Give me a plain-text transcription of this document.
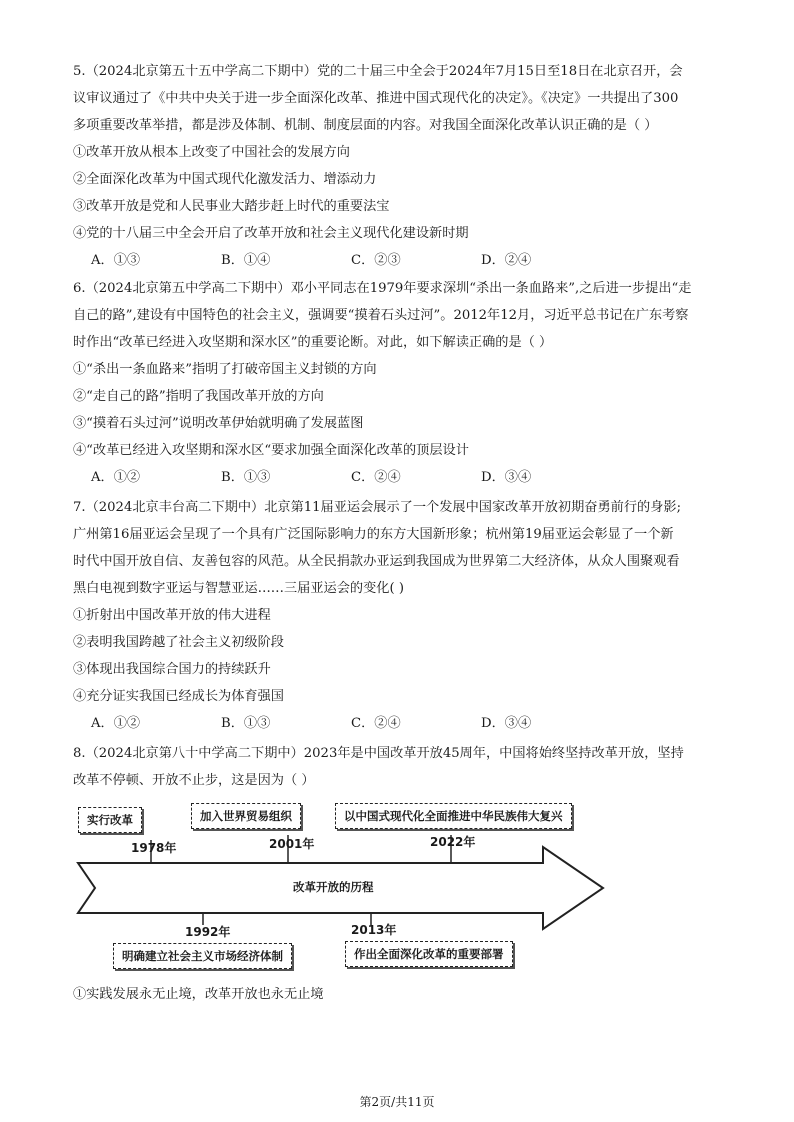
5.（2024北京第五十五中学高二下期中）党的二十届三中全会于2024年7月15日至18日在北京召开，会

议审议通过了《中共中央关于进一步全面深化改革、推进中国式现代化的决定》。《决定》一共提出了300

多项重要改革举措，都是涉及体制、机制、制度层面的内容。对我国全面深化改革认识正确的是（ ）

①改革开放从根本上改变了中国社会的发展方向

②全面深化改革为中国式现代化激发活力、增添动力

③改革开放是党和人民事业大踏步赶上时代的重要法宝

④党的十八届三中全会开启了改革开放和社会主义现代化建设新时期

A．①③	B．①④	C．②③	D．②④

6.（2024北京第五中学高二下期中）邓小平同志在1979年要求深圳“杀出一条血路来”,之后进一步提出“走

自己的路”,建设有中国特色的社会主义，强调要“摸着石头过河”。2012年12月，习近平总书记在广东考察

时作出“改革已经进入攻坚期和深水区”的重要论断。对此，如下解读正确的是（ ）

①“杀出一条血路来”指明了打破帝国主义封锁的方向

②“走自己的路”指明了我国改革开放的方向

③“摸着石头过河”说明改革伊始就明确了发展蓝图

④“改革已经进入攻坚期和深水区“要求加强全面深化改革的顶层设计

A．①②	B．①③	C．②④	D．③④

7.（2024北京丰台高二下期中）北京第11届亚运会展示了一个发展中国家改革开放初期奋勇前行的身影;

广州第16届亚运会呈现了一个具有广泛国际影响力的东方大国新形象；杭州第19届亚运会彰显了一个新

时代中国开放自信、友善包容的风范。从全民捐款办亚运到我国成为世界第二大经济体，从众人围聚观看

黑白电视到数字亚运与智慧亚运……三届亚运会的变化( )

①折射出中国改革开放的伟大进程

②表明我国跨越了社会主义初级阶段

③体现出我国综合国力的持续跃升

④充分证实我国已经成长为体育强国

A．①②	B．①③	C．②④	D．③④

8.（2024北京第八十中学高二下期中）2023年是中国改革开放45周年，中国将始终坚持改革开放，坚持

改革不停顿、开放不止步，这是因为（ ）

实行改革	加入世界贸易组织	以中国式现代化全面推进中华民族伟大复兴
1978年	2001年	2022年
改革开放的历程
1992年	2013年
明确建立社会主义市场经济体制	作出全面深化改革的重要部署

①实践发展永无止境，改革开放也永无止境

第2页/共11页
